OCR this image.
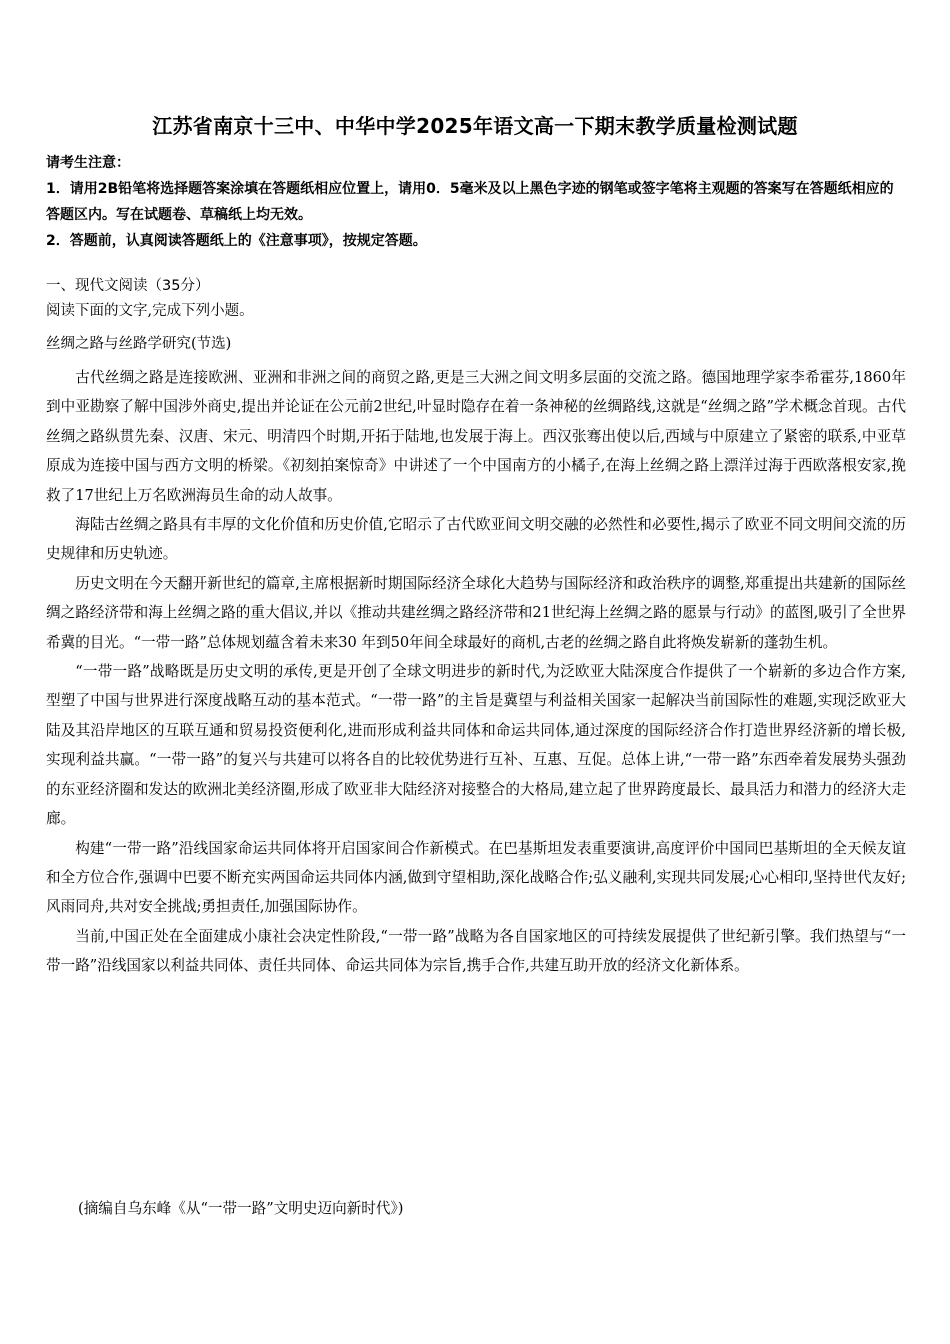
江苏省南京十三中、中华中学2025年语文高一下期末教学质量检测试题

请考生注意：

1．请用2B铅笔将选择题答案涂填在答题纸相应位置上，请用0．5毫米及以上黑色字迹的钢笔或签字笔将主观题的答案写在答题纸相应的答题区内。写在试题卷、草稿纸上均无效。

2．答题前，认真阅读答题纸上的《注意事项》，按规定答题。

一、现代文阅读（35分）
阅读下面的文字,完成下列小题。
丝绸之路与丝路学研究(节选)

古代丝绸之路是连接欧洲、亚洲和非洲之间的商贸之路,更是三大洲之间文明多层面的交流之路。德国地理学家李希霍芬,1860年到中亚勘察了解中国涉外商史,提出并论证在公元前2世纪,叶显时隐存在着一条神秘的丝绸路线,这就是“丝绸之路”学术概念首现。古代丝绸之路纵贯先秦、汉唐、宋元、明清四个时期,开拓于陆地,也发展于海上。西汉张骞出使以后,西域与中原建立了紧密的联系,中亚草原成为连接中国与西方文明的桥梁。《初刻拍案惊奇》中讲述了一个中国南方的小橘子,在海上丝绸之路上漂洋过海于西欧落根安家,挽救了17世纪上万名欧洲海员生命的动人故事。

海陆古丝绸之路具有丰厚的文化价值和历史价值,它昭示了古代欧亚间文明交融的必然性和必要性,揭示了欧亚不同文明间交流的历史规律和历史轨迹。

历史文明在今天翻开新世纪的篇章,主席根据新时期国际经济全球化大趋势与国际经济和政治秩序的调整,郑重提出共建新的国际丝绸之路经济带和海上丝绸之路的重大倡议,并以《推动共建丝绸之路经济带和21世纪海上丝绸之路的愿景与行动》的蓝图,吸引了全世界希冀的目光。“一带一路”总体规划蕴含着未来30 年到50年间全球最好的商机,古老的丝绸之路自此将焕发崭新的蓬勃生机。

“一带一路”战略既是历史文明的承传,更是开创了全球文明进步的新时代,为泛欧亚大陆深度合作提供了一个崭新的多边合作方案,型塑了中国与世界进行深度战略互动的基本范式。“一带一路”的主旨是冀望与利益相关国家一起解决当前国际性的难题,实现泛欧亚大陆及其沿岸地区的互联互通和贸易投资便利化,进而形成利益共同体和命运共同体,通过深度的国际经济合作打造世界经济新的增长极,实现利益共赢。“一带一路”的复兴与共建可以将各自的比较优势进行互补、互惠、互促。总体上讲,“一带一路”东西牵着发展势头强劲的东亚经济圈和发达的欧洲北美经济圈,形成了欧亚非大陆经济对接整合的大格局,建立起了世界跨度最长、最具活力和潜力的经济大走廊。

构建“一带一路”沿线国家命运共同体将开启国家间合作新模式。在巴基斯坦发表重要演讲,高度评价中国同巴基斯坦的全天候友谊和全方位合作,强调中巴要不断充实两国命运共同体内涵,做到守望相助,深化战略合作;弘义融利,实现共同发展;心心相印,坚持世代友好;风雨同舟,共对安全挑战;勇担责任,加强国际协作。

当前,中国正处在全面建成小康社会决定性阶段,“一带一路”战略为各自国家地区的可持续发展提供了世纪新引擎。我们热望与“一带一路”沿线国家以利益共同体、责任共同体、命运共同体为宗旨,携手合作,共建互助开放的经济文化新体系。

(摘编自乌东峰《从“一带一路”文明史迈向新时代》)
